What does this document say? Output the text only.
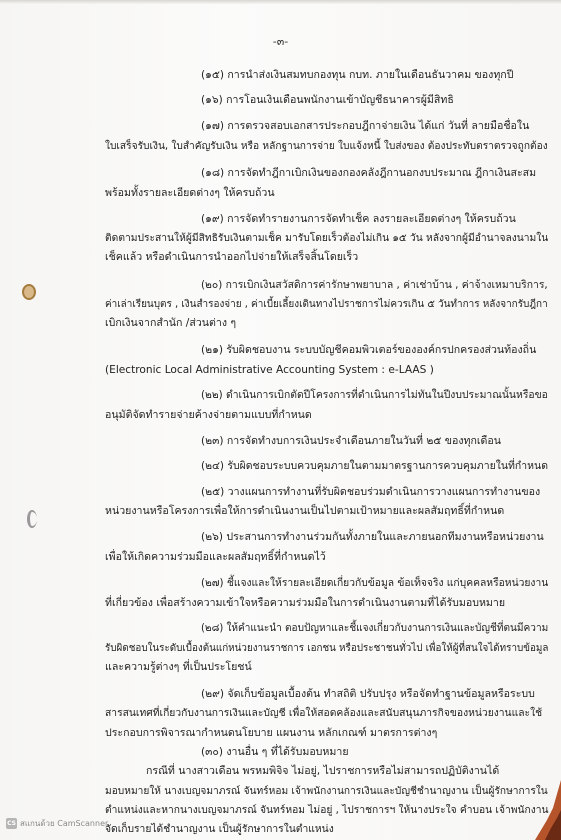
-๓-
(๑๕) การนำส่งเงินสมทบกองทุน กบท. ภายในเดือนธันวาคม ของทุกปี
(๑๖) การโอนเงินเดือนพนักงานเข้าบัญชีธนาคารผู้มีสิทธิ
(๑๗) การตรวจสอบเอกสารประกอบฎีกาจ่ายเงิน ได้แก่ วันที่ ลายมือชื่อใน
ใบเสร็จรับเงิน, ใบสำคัญรับเงิน หรือ หลักฐานการจ่าย ใบแจ้งหนี้ ใบส่งของ ต้องประทับตราตรวจถูกต้อง
(๑๘) การจัดทำฎีกาเบิกเงินของกองคลังฎีกานอกงบประมาณ ฎีกาเงินสะสม
พร้อมทั้งรายละเอียดต่างๆ ให้ครบถ้วน
(๑๙) การจัดทำรายงานการจัดทำเช็ค ลงรายละเอียดต่างๆ ให้ครบถ้วน
ติดตามประสานให้ผู้มีสิทธิรับเงินตามเช็ค มารับโดยเร็วต้องไม่เกิน ๑๕ วัน หลังจากผู้มีอำนาจลงนามใน
เช็คแล้ว หรือดำเนินการนำออกไปจ่ายให้เสร็จสิ้นโดยเร็ว
(๒๐) การเบิกเงินสวัสดิการค่ารักษาพยาบาล , ค่าเช่าบ้าน , ค่าจ้างเหมาบริการ,
ค่าเล่าเรียนบุตร , เงินสำรองจ่าย , ค่าเบี้ยเลี้ยงเดินทางไปราชการไม่ควรเกิน ๕ วันทำการ หลังจากรับฎีกา
เบิกเงินจากสำนัก /ส่วนต่าง ๆ
(๒๑) รับผิดชอบงาน ระบบบัญชีคอมพิวเตอร์ขององค์กรปกครองส่วนท้องถิ่น
(Electronic Local Administrative Accounting System : e-LAAS )
(๒๒) ดำเนินการเบิกตัดปีโครงการที่ดำเนินการไม่ทันในปีงบประมาณนั้นหรือขอ
อนุมัติจัดทำรายจ่ายค้างจ่ายตามแบบที่กำหนด
(๒๓) การจัดทำงบการเงินประจำเดือนภายในวันที่ ๒๕ ของทุกเดือน
(๒๔) รับผิดชอบระบบควบคุมภายในตามมาตรฐานการควบคุมภายในที่กำหนด
(๒๕) วางแผนการทำงานที่รับผิดชอบร่วมดำเนินการวางแผนการทำงานของ
หน่วยงานหรือโครงการเพื่อให้การดำเนินงานเป็นไปตามเป้าหมายและผลสัมฤทธิ์ที่กำหนด
(๒๖) ประสานการทำงานร่วมกันทั้งภายในและภายนอกทีมงานหรือหน่วยงาน
เพื่อให้เกิดความร่วมมือและผลสัมฤทธิ์ที่กำหนดไว้
(๒๗) ชี้แจงและให้รายละเอียดเกี่ยวกับข้อมูล ข้อเท็จจริง แก่บุคคลหรือหน่วยงาน
ที่เกี่ยวข้อง เพื่อสร้างความเข้าใจหรือความร่วมมือในการดำเนินงานตามที่ได้รับมอบหมาย
(๒๘) ให้คำแนะนำ ตอบปัญหาและชี้แจงเกี่ยวกับงานการเงินและบัญชีที่ตนมีความ
รับผิดชอบในระดับเบื้องต้นแก่หน่วยงานราชการ เอกชน หรือประชาชนทั่วไป เพื่อให้ผู้ที่สนใจได้ทราบข้อมูล
และความรู้ต่างๆ ที่เป็นประโยชน์
(๒๙) จัดเก็บข้อมูลเบื้องต้น ทำสถิติ ปรับปรุง หรือจัดทำฐานข้อมูลหรือระบบ
สารสนเทศที่เกี่ยวกับงานการเงินและบัญชี เพื่อให้สอดคล้องและสนับสนุนภารกิจของหน่วยงานและใช้
ประกอบการพิจารณากำหนดนโยบาย แผนงาน หลักเกณฑ์ มาตรการต่างๆ
(๓๐) งานอื่น ๆ ที่ได้รับมอบหมาย
กรณีที่ นางสาวเดือน พรหมพิจิจ ไม่อยู่, ไปราชการหรือไม่สามารถปฏิบัติงานได้
มอบหมายให้ นางเบญจมาภรณ์ จันทร์หอม เจ้าพนักงานการเงินและบัญชีชำนาญงาน เป็นผู้รักษาการใน
ตำแหน่งและหากนางเบญจมาภรณ์ จันทร์หอม ไม่อยู่ , ไปราชการฯ ให้นางประใจ คำบอน เจ้าพนักงาน
จัดเก็บรายได้ชำนาญงาน เป็นผู้รักษาการในตำแหน่ง
CS สแกนด้วย CamScanner
